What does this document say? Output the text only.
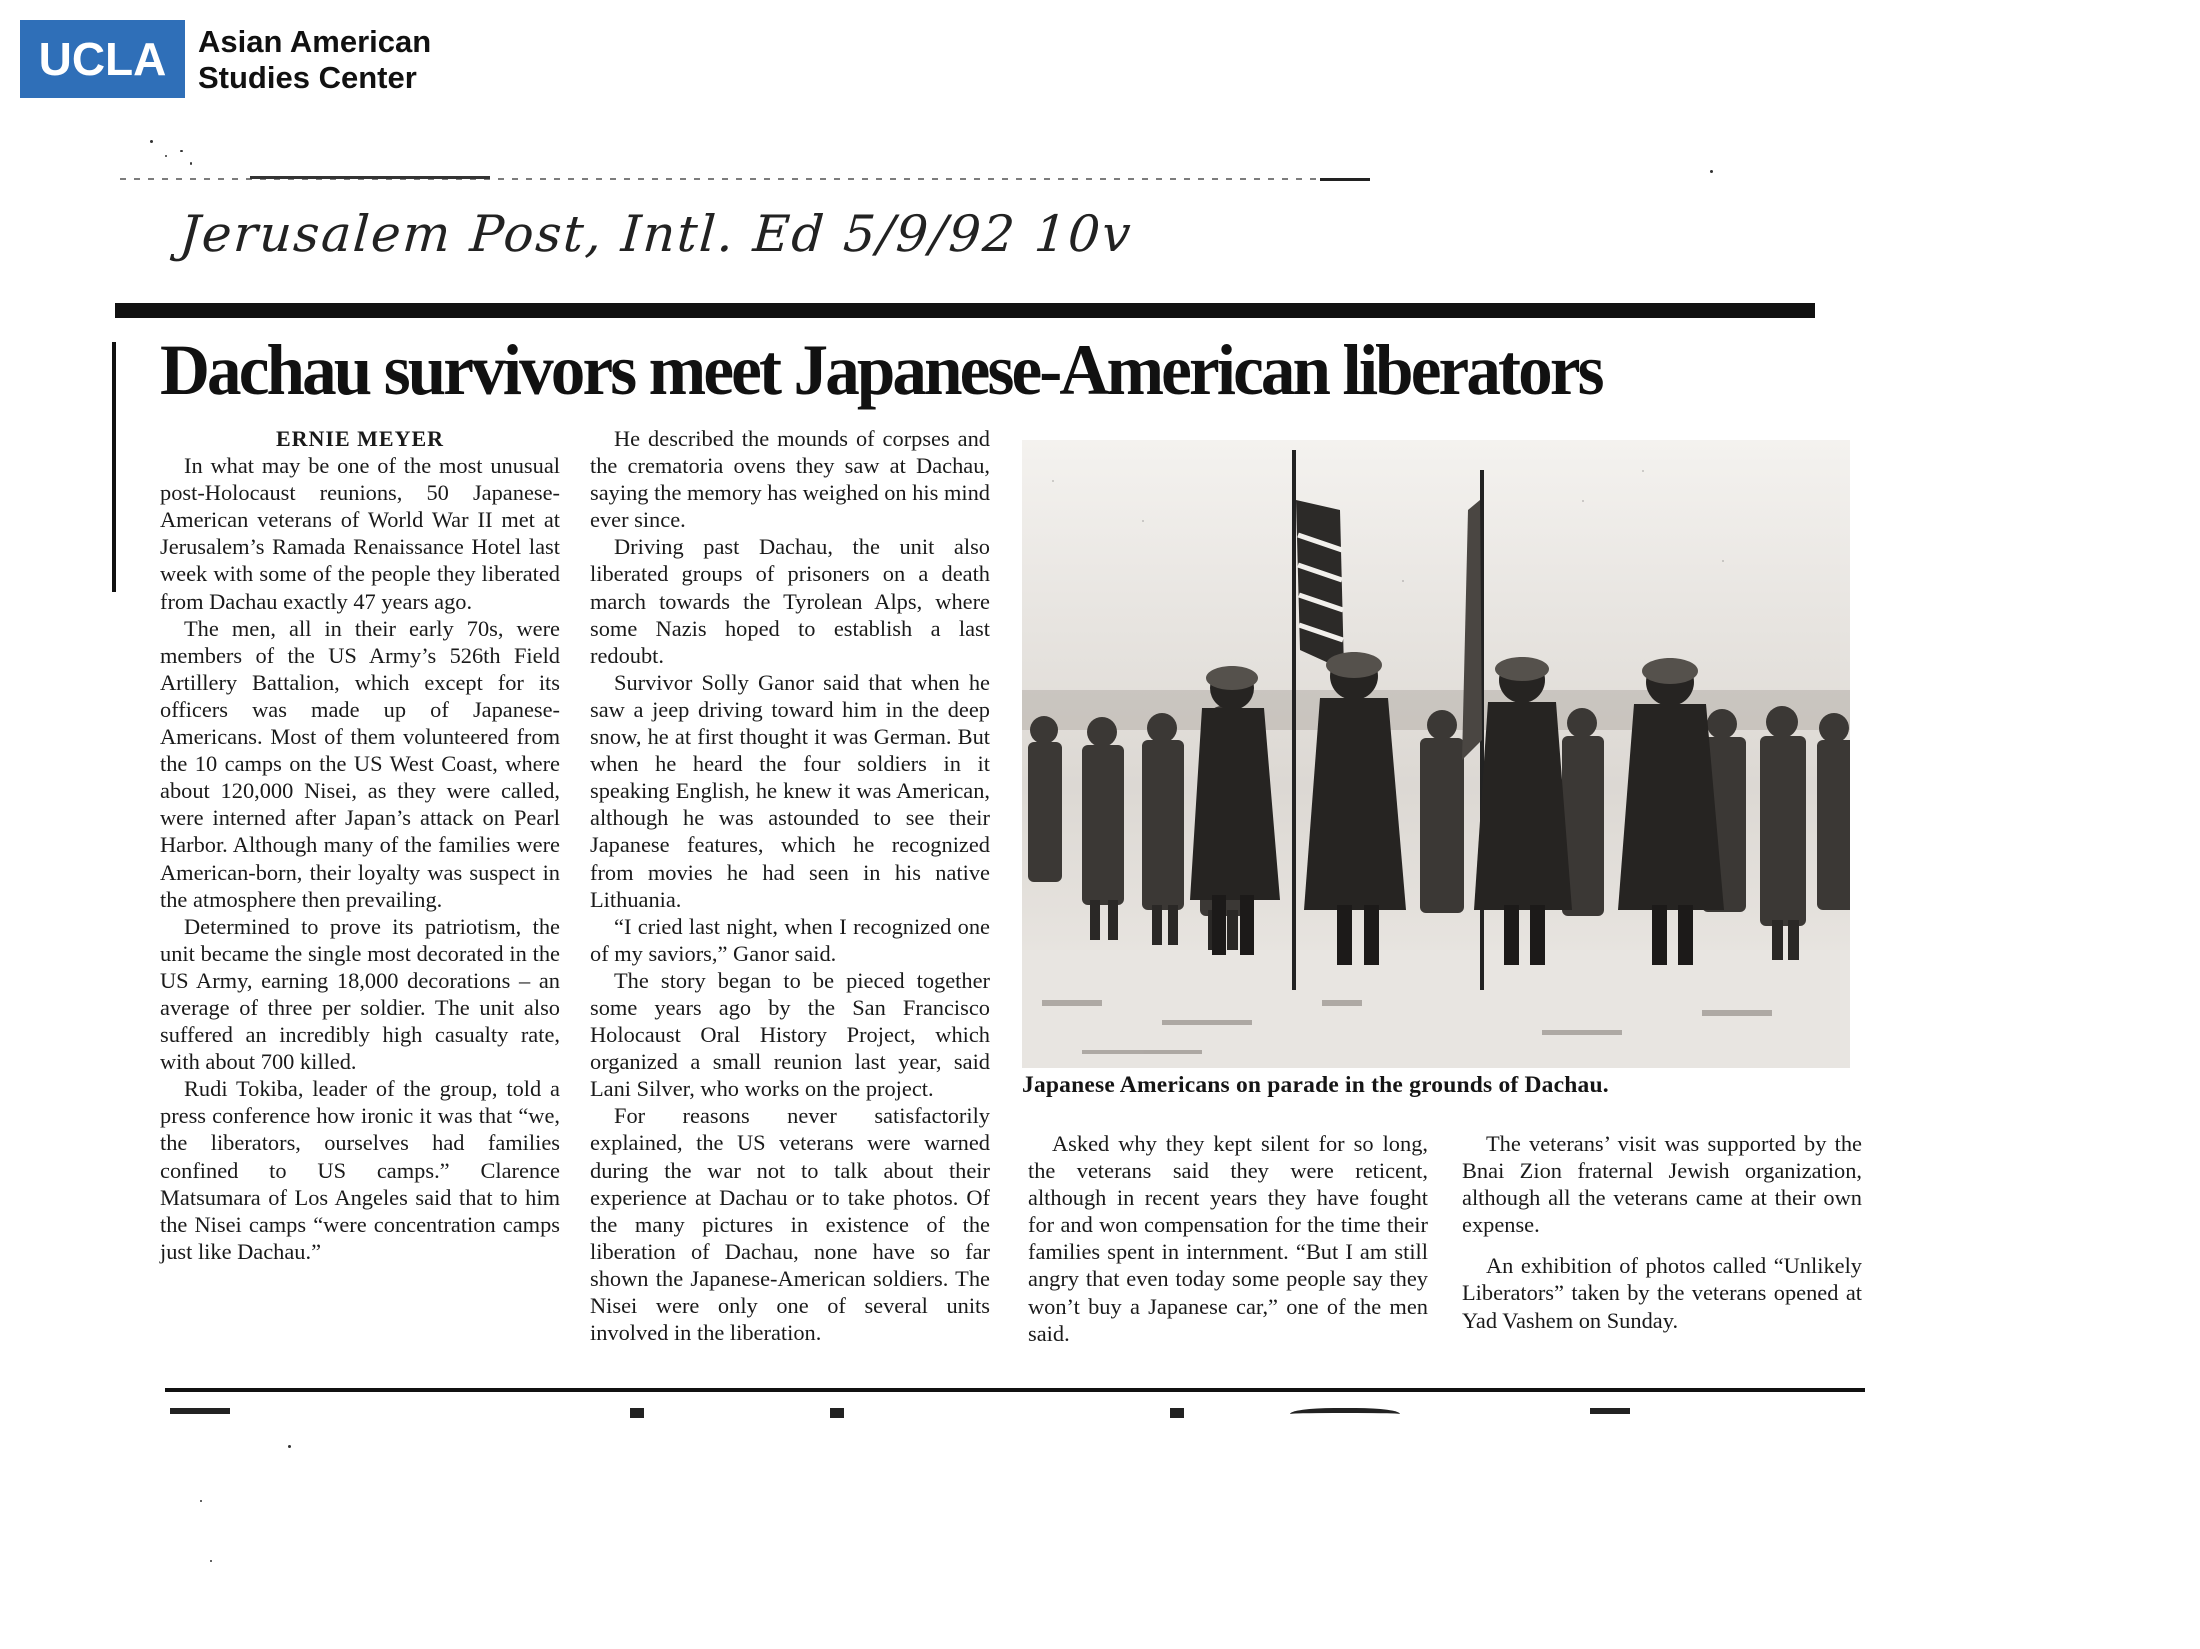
UCLA	Asian American
Studies Center
Jerusalem Post, Intl. Ed 5/9/92 10v
Dachau survivors meet Japanese-American liberators

ERNIE MEYER

In what may be one of the most unusual post-Holocaust reunions, 50 Japanese-American veterans of World War II met at Jerusalem’s Ramada Renaissance Hotel last week with some of the people they liberated from Dachau exactly 47 years ago.

The men, all in their early 70s, were members of the US Army’s 526th Field Artillery Battalion, which except for its officers was made up of Japanese-Americans. Most of them volunteered from the 10 camps on the US West Coast, where about 120,000 Nisei, as they were called, were interned after Japan’s attack on Pearl Harbor. Although many of the families were American-born, their loyalty was suspect in the atmosphere then prevailing.

Determined to prove its patriotism, the unit became the single most decorated in the US Army, earning 18,000 decorations – an average of three per soldier. The unit also suffered an incredibly high casualty rate, with about 700 killed.

Rudi Tokiba, leader of the group, told a press conference how ironic it was that “we, the liberators, ourselves had families confined to US camps.” Clarence Matsumara of Los Angeles said that to him the Nisei camps “were concentration camps just like Dachau.”

He described the mounds of corpses and the crematoria ovens they saw at Dachau, saying the memory has weighed on his mind ever since.

Driving past Dachau, the unit also liberated groups of prisoners on a death march towards the Tyrolean Alps, where some Nazis hoped to establish a last redoubt.

Survivor Solly Ganor said that when he saw a jeep driving toward him in the deep snow, he at first thought it was German. But when he heard the four soldiers in it speaking English, he knew it was American, although he was astounded to see their Japanese features, which he recognized from movies he had seen in his native Lithuania.

“I cried last night, when I recognized one of my saviors,” Ganor said.

The story began to be pieced together some years ago by the San Francisco Holocaust Oral History Project, which organized a small reunion last year, said Lani Silver, who works on the project.

For reasons never satisfactorily explained, the US veterans were warned during the war not to talk about their experience at Dachau or to take photos. Of the many pictures in existence of the liberation of Dachau, none have so far shown the Japanese-American soldiers. The Nisei were only one of several units involved in the liberation.

Japanese Americans on parade in the grounds of Dachau.

Asked why they kept silent for so long, the veterans said they were reticent, although in recent years they have fought for and won compensation for the time their families spent in internment. “But I am still angry that even today some people say they won’t buy a Japanese car,” one of the men said.

The veterans’ visit was supported by the Bnai Zion fraternal Jewish organization, although all the veterans came at their own expense.

An exhibition of photos called “Unlikely Liberators” taken by the veterans opened at Yad Vashem on Sunday.
